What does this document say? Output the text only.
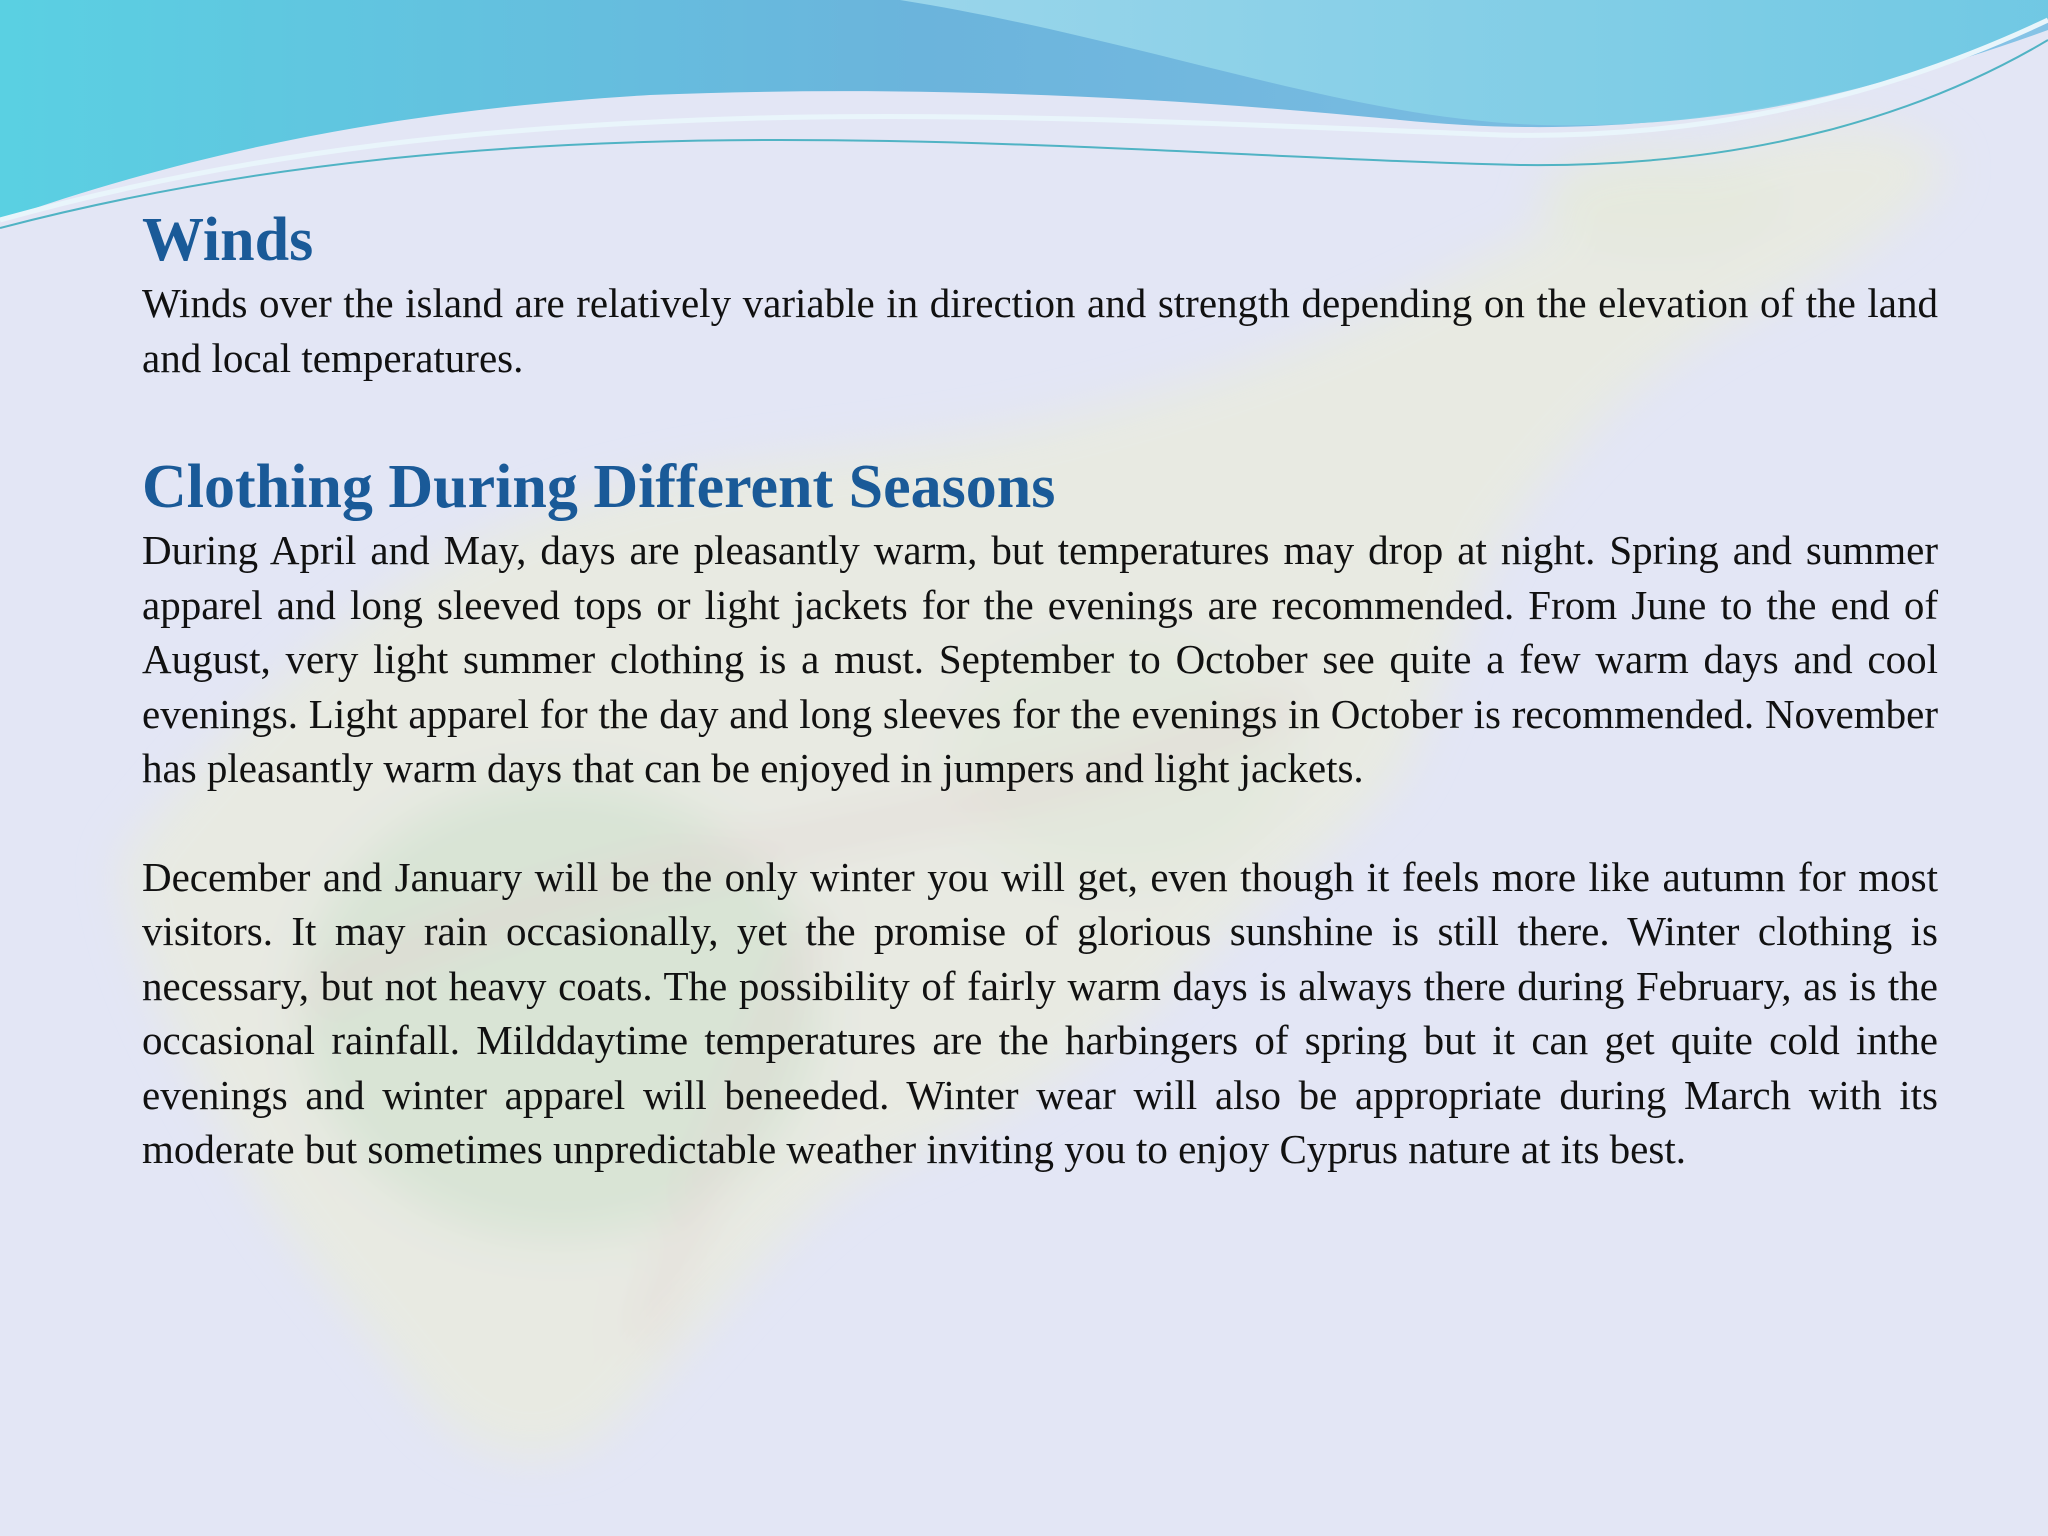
Winds

Winds over the island are relatively variable in direction and strength depending on the elevation of the land and local temperatures.

Clothing During Different Seasons

During April and May, days are pleasantly warm, but temperatures may drop at night. Spring and summer apparel and long sleeved tops or light jackets for the evenings are recommended. From June to the end of August, very light summer clothing is a must. September to October see quite a few warm days and cool evenings. Light apparel for the day and long sleeves for the evenings in October is recommended. November has pleasantly warm days that can be enjoyed in jumpers and light jackets.

December and January will be the only winter you will get, even though it feels more like autumn for most visitors. It may rain occasionally, yet the promise of glorious sunshine is still there. Winter clothing is necessary, but not heavy coats. The possibility of fairly warm days is always there during February, as is the occasional rainfall. Milddaytime temperatures are the harbingers of spring but it can get quite cold inthe evenings and winter apparel will beneeded. Winter wear will also be appropriate during March with its moderate but sometimes unpredictable weather inviting you to enjoy Cyprus nature at its best.
